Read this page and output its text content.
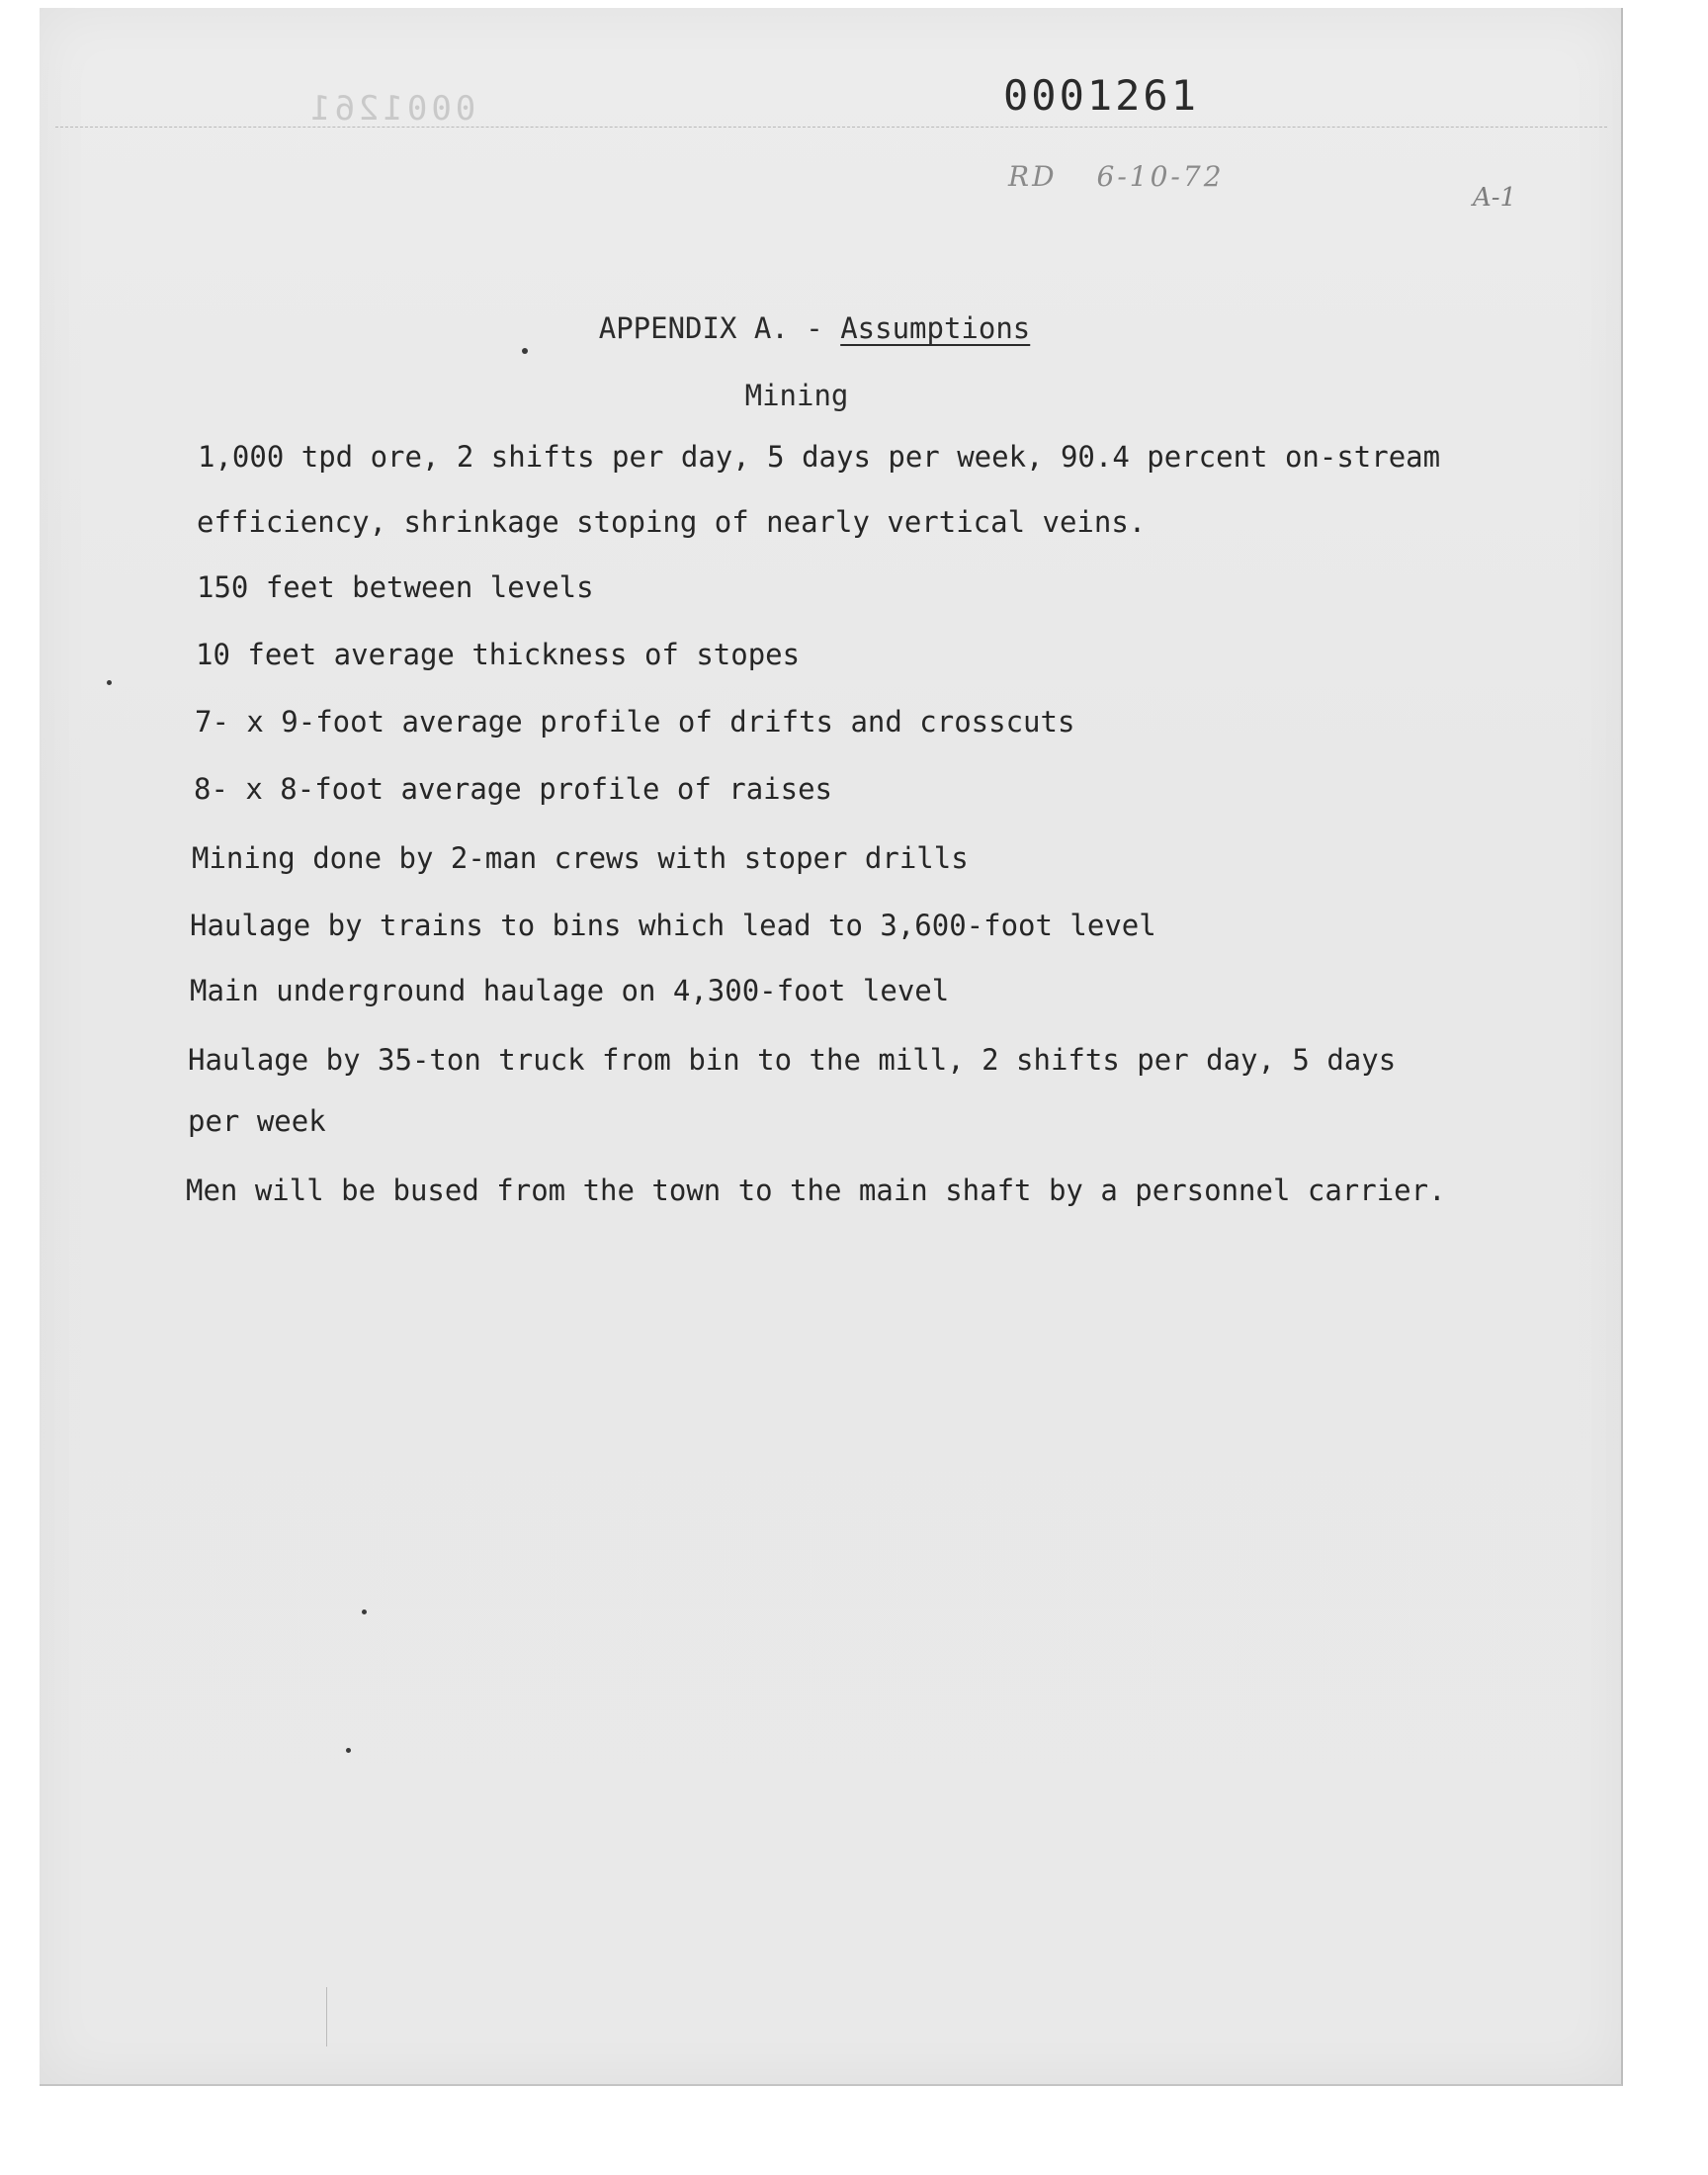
0001261	0001261
RD 6-10-72
A-1
APPENDIX A. - Assumptions
Mining
1,000 tpd ore, 2 shifts per day, 5 days per week, 90.4 percent on-stream
efficiency, shrinkage stoping of nearly vertical veins.
150 feet between levels
10 feet average thickness of stopes
7- x 9-foot average profile of drifts and crosscuts
8- x 8-foot average profile of raises
Mining done by 2-man crews with stoper drills
Haulage by trains to bins which lead to 3,600-foot level
Main underground haulage on 4,300-foot level
Haulage by 35-ton truck from bin to the mill, 2 shifts per day, 5 days
per week
Men will be bused from the town to the main shaft by a personnel carrier.
